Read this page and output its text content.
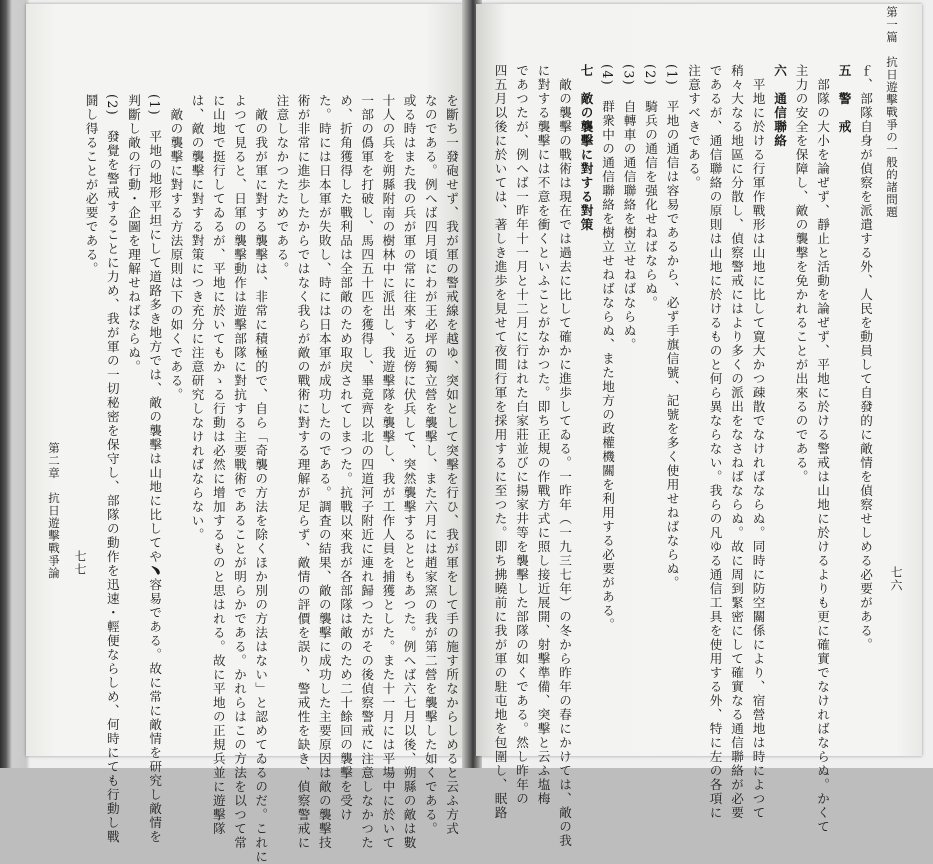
を斷ち一發砲せず、我が軍の警戒線を越ゆ、突如として突擊を行ひ、我が軍をして手の施す所なからしめると云ふ方式
なのである。例へば四月頃にわが王必坪の獨立營を襲擊し、また六月には趙家窯の我が第二營を襲擊した如くである。
或る時はまた我の兵が軍の常に往來する近傍に伏兵して、突然襲擊するとともあつた。例へば六七月以後、朔縣の敵は數
十人の兵を朔縣附南の樹林中に派出し、我遊擊隊を襲擊し、我が工作人員を捕獲とした。また十一月には平場中に於いて
一部の僞軍を打破し、馬四五十匹を獲得し、畢竟齊以北の四道河子附近に連れ歸つたがその後偵察警戒に注意しなかつた
め、折角獲得した戰利品は全部敵のため取戻されてしまつた。抗戰以來我が各部隊は敵のため二十餘回の襲擊を受け
た。時には日本軍が失敗し、時には日本軍が成功したのである。調査の結果、敵の襲擊に成功した主要原因は敵の襲擊技
術が非常に進歩したからではなく我らが敵の戰術に對する理解が足らず、敵情の評價を誤り、警戒性を缺き、偵察警戒に
注意しなかつたためである。
　敵の我が軍に對する襲擊は、非常に積極的で、自ら「奇襲の方法を除くほか別の方法はない」と認めてゐるのだ。これに
よつて見ると、日軍の襲擊動作は遊擊部隊に對抗する主要戰術であることが明らかである。かれらはこの方法を以つて常
に山地で挺行してゐるが、平地に於いてもかゝる行動は必然に增加するものと思はれる。故に平地の正規兵並に遊擊隊
は、敵の襲擊に對する對策につき充分に注意研究しなければならない。
　敵の襲擊に對する方法原則は下の如くである。
(1)　平地の地形平坦にして道路多き地方では、敵の襲擊は山地に比してや﹅容易である。故に常に敵情を研究し敵情を
判斷し敵の行動・企圖を理解せねばならぬ。
(2)　發覺を警戒することに力め、我が軍の一切秘密を保守し、部隊の動作を迅速・輕便ならしめ、何時にても行動し戰
鬪し得ることが必要である。
第二章　抗日遊擊戰爭論 七七
第一篇　抗日遊擊戰爭の一般的諸問題
七六
ｆ、部隊自身が偵察を派遣する外、人民を動員して自發的に敵情を偵察せしめる必要がある。
五　警　戒
　部隊の大小を論ぜず、靜止と活動を論ぜず、平地に於ける警戒は山地に於けるよりも更に確實でなければならぬ。かくて
主力の安全を保障し、敵の襲撃を免かれることが出來るのである。
六　通信聯絡
　平地に於ける行軍作戰形は山地に比して寛大かつ疎散でなければならぬ。同時に防空關係により、宿營地は時によつて
稍々大なる地區に分散し、偵察警戒にはより多くの派出をなさねばならぬ。故に周到緊密にして確實なる通信聯絡が必要
であるが、通信聯絡の原則は山地に於けるものと何ら異ならない。我らの凡ゆる通信工具を使用する外、特に左の各項に
注意すべきである。
(1)　平地の通信は容易であるから、必ず手旗信號、記號を多く使用せねばならぬ。
(2)　騎兵の通信を强化せねばならぬ。
(3)　自轉車の通信聯絡を樹立せねばならぬ。
(4)　群衆中の通信聯絡を樹立せねばならぬ、また地方の政權機關を利用する必要がある。
七　敵の襲擊に對する對策
　敵の襲擊の戰術は現在では過去に比して確かに進歩してゐる。一昨年（一九三七年）の冬から昨年の春にかけては、敵の我
に對する襲擊には不意を衝くといふことがなかつた。即ち正規の作戰方式に照し接近展開、射擊準備、突擊と云ふ塩梅
であつたが、例へば一昨年十一月と十二月に行はれた白家莊並びに揚家井等を襲擊した部隊の如くである。然し昨年の
四五月以後に於いては、著しき進歩を見せて夜間行軍を採用するに至つた。即ち拂曉前に我が軍の駐屯地を包圍し、眠路
